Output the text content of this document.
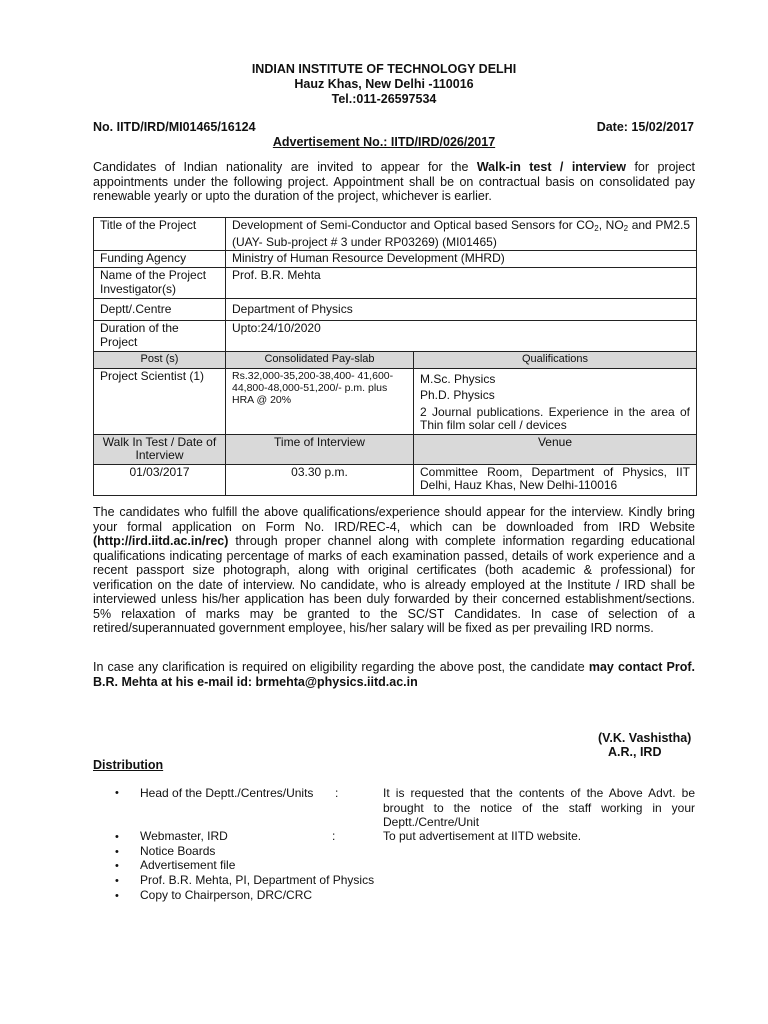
INDIAN INSTITUTE OF TECHNOLOGY DELHI
Hauz Khas, New Delhi -110016
Tel.:011-26597534
No. IITD/IRD/MI01465/16124	Date: 15/02/2017
Advertisement No.: IITD/IRD/026/2017
Candidates of Indian nationality are invited to appear for the Walk-in test / interview for project appointments under the following project. Appointment shall be on contractual basis on consolidated pay renewable yearly or upto the duration of the project, whichever is earlier.
Title of the Project	Development of Semi-Conductor and Optical based Sensors for $CO_2$, $NO_2$ and PM2.5 (UAY- Sub-project # 3 under RP03269) (MI01465)	
Funding Agency	Ministry of Human Resource Development (MHRD)	
Name of the Project Investigator(s)	Prof. B.R. Mehta	
Deptt/.Centre	Department of Physics	
Duration of the Project	Upto:24/10/2020	
Post (s)	Consolidated Pay-slab	Qualifications
Project Scientist (1)	Rs.32,000-35,200-38,400- 41,600-44,800-48,000-51,200/- p.m. plus HRA @ 20%	M.Sc. Physics
Ph.D. Physics
2 Journal publications. Experience in the area of Thin film solar cell / devices

Walk In Test / Date of Interview	Time of Interview	Venue
01/03/2017	03.30 p.m.	Committee Room, Department of Physics, IIT Delhi, Hauz Khas, New Delhi-110016
The candidates who fulfill the above qualifications/experience should appear for the interview. Kindly bring your formal application on Form No. IRD/REC-4, which can be downloaded from IRD Website (http://ird.iitd.ac.in/rec) through proper channel along with complete information regarding educational qualifications indicating percentage of marks of each examination passed, details of work experience and a recent passport size photograph, along with original certificates (both academic & professional) for verification on the date of interview. No candidate, who is already employed at the Institute / IRD shall be interviewed unless his/her application has been duly forwarded by their concerned establishment/sections. 5% relaxation of marks may be granted to the SC/ST Candidates. In case of selection of a retired/superannuated government employee, his/her salary will be fixed as per prevailing IRD norms.
In case any clarification is required on eligibility regarding the above post, the candidate may contact Prof. B.R. Mehta at his e-mail id: brmehta@physics.iitd.ac.in
(V.K. Vashistha)
A.R., IRD
Distribution
• Head of the Deptt./Centres/Units :	It is requested that the contents of the Above Advt. be brought to the notice of the staff working in your Deptt./Centre/Unit
• Webmaster, IRD	:	To put advertisement at IITD website.
• Notice Boards
• Advertisement file
• Prof. B.R. Mehta, PI, Department of Physics
• Copy to Chairperson, DRC/CRC
